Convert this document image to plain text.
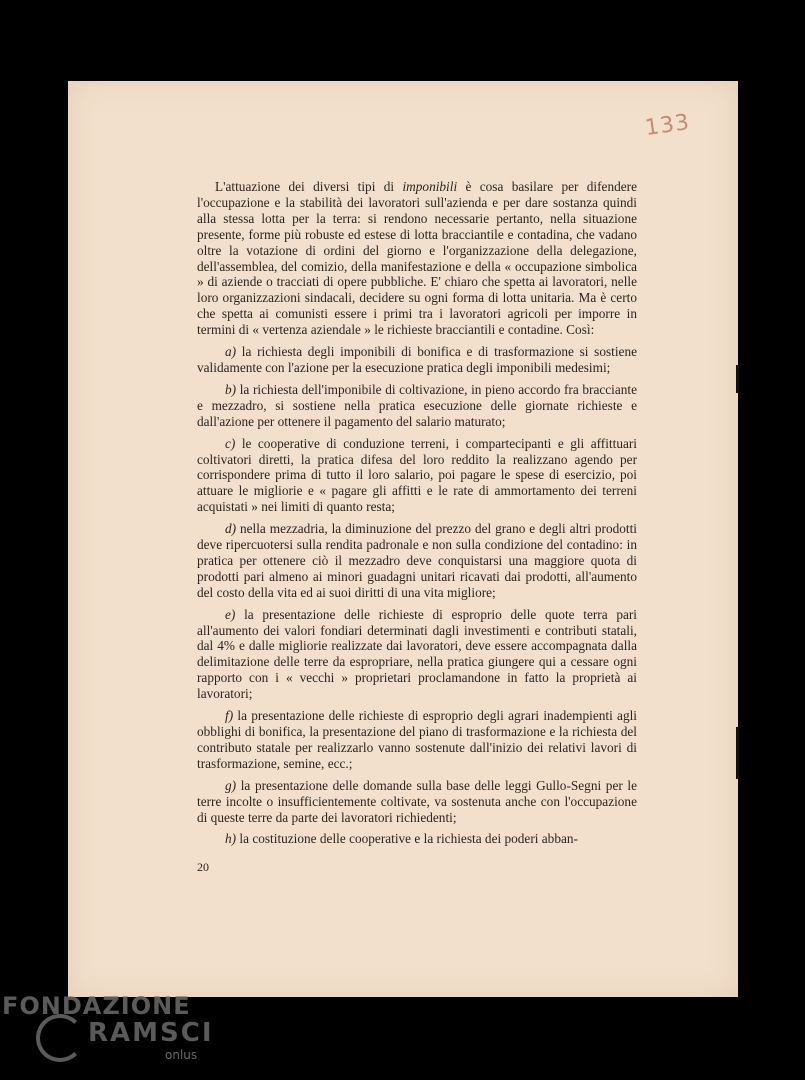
133

L'attuazione dei diversi tipi di imponibili è cosa basilare per difendere l'occupazione e la stabilità dei lavoratori sull'azienda e per dare sostanza quindi alla stessa lotta per la terra: si rendono necessarie pertanto, nella situazione presente, forme più robuste ed estese di lotta bracciantile e contadina, che vadano oltre la votazione di ordini del giorno e l'organizzazione della delegazione, dell'assemblea, del comizio, della manifestazione e della « occupazione simbolica » di aziende o tracciati di opere pubbliche. E' chiaro che spetta ai lavoratori, nelle loro organizzazioni sindacali, decidere su ogni forma di lotta unitaria. Ma è certo che spetta ai comunisti essere i primi tra i lavoratori agricoli per imporre in termini di « vertenza aziendale » le richieste bracciantili e contadine. Così:

a) la richiesta degli imponibili di bonifica e di trasformazione si sostiene validamente con l'azione per la esecuzione pratica degli imponibili medesimi;

b) la richiesta dell'imponibile di coltivazione, in pieno accordo fra bracciante e mezzadro, si sostiene nella pratica esecuzione delle giornate richieste e dall'azione per ottenere il pagamento del salario maturato;

c) le cooperative di conduzione terreni, i compartecipanti e gli affittuari coltivatori diretti, la pratica difesa del loro reddito la realizzano agendo per corrispondere prima di tutto il loro salario, poi pagare le spese di esercizio, poi attuare le migliorie e « pagare gli affitti e le rate di ammortamento dei terreni acquistati » nei limiti di quanto resta;

d) nella mezzadria, la diminuzione del prezzo del grano e degli altri prodotti deve ripercuotersi sulla rendita padronale e non sulla condizione del contadino: in pratica per ottenere ciò il mezzadro deve conquistarsi una maggiore quota di prodotti pari almeno ai minori guadagni unitari ricavati dai prodotti, all'aumento del costo della vita ed ai suoi diritti di una vita migliore;

e) la presentazione delle richieste di esproprio delle quote terra pari all'aumento dei valori fondiari determinati dagli investimenti e contributi statali, dal 4% e dalle migliorie realizzate dai lavoratori, deve essere accompagnata dalla delimitazione delle terre da espropriare, nella pratica giungere qui a cessare ogni rapporto con i « vecchi » proprietari proclamandone in fatto la proprietà ai lavoratori;

f) la presentazione delle richieste di esproprio degli agrari inadempienti agli obblighi di bonifica, la presentazione del piano di trasformazione e la richiesta del contributo statale per realizzarlo vanno sostenute dall'inizio dei relativi lavori di trasformazione, semine, ecc.;

g) la presentazione delle domande sulla base delle leggi Gullo-Segni per le terre incolte o insufficientemente coltivate, va sostenuta anche con l'occupazione di queste terre da parte dei lavoratori richiedenti;

h) la costituzione delle cooperative e la richiesta dei poderi abban-

20
FONDAZIONE
RAMSCI
onlus
